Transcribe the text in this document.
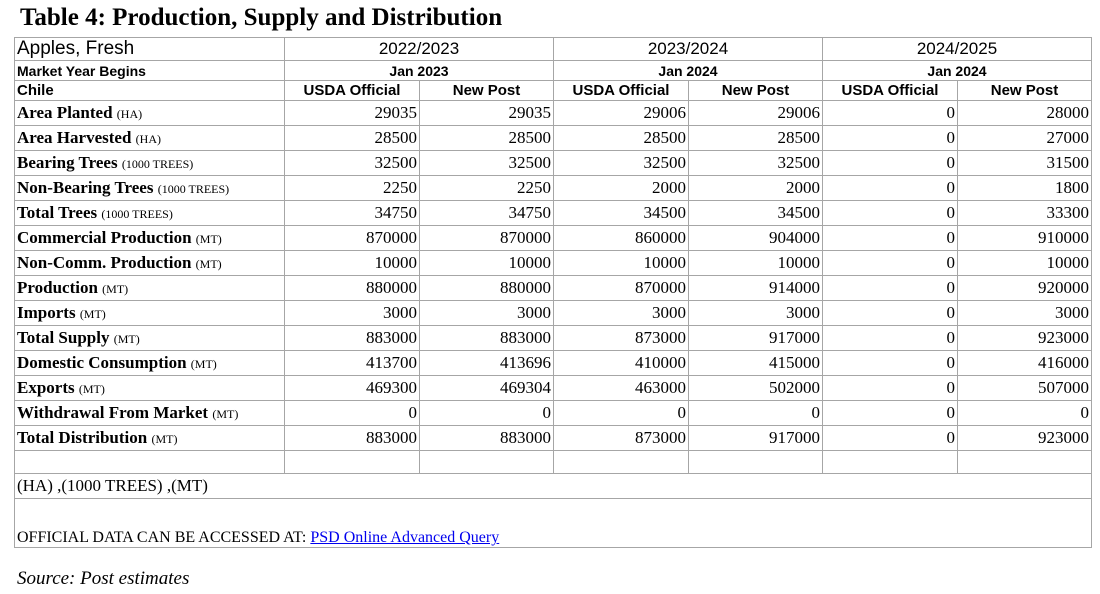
Table 4: Production, Supply and Distribution
Apples, Fresh	2022/2023		2023/2024		2024/2025	
Market Year Begins	Jan 2023		Jan 2024		Jan 2024	
Chile	USDA Official	New Post	USDA Official	New Post	USDA Official	New Post
Area Planted (HA)	29035	29035	29006	29006	0	28000
Area Harvested (HA)	28500	28500	28500	28500	0	27000
Bearing Trees (1000 TREES)	32500	32500	32500	32500	0	31500
Non-Bearing Trees (1000 TREES)	2250	2250	2000	2000	0	1800
Total Trees (1000 TREES)	34750	34750	34500	34500	0	33300
Commercial Production (MT)	870000	870000	860000	904000	0	910000
Non-Comm. Production (MT)	10000	10000	10000	10000	0	10000
Production (MT)	880000	880000	870000	914000	0	920000
Imports (MT)	3000	3000	3000	3000	0	3000
Total Supply (MT)	883000	883000	873000	917000	0	923000
Domestic Consumption (MT)	413700	413696	410000	415000	0	416000
Exports (MT)	469300	469304	463000	502000	0	507000
Withdrawal From Market (MT)	0	0	0	0	0	0
Total Distribution (MT)	883000	883000	873000	917000	0	923000

(HA) ,(1000 TREES) ,(MT)						
OFFICIAL DATA CAN BE ACCESSED AT: PSD Online Advanced Query						
Source: Post estimates
